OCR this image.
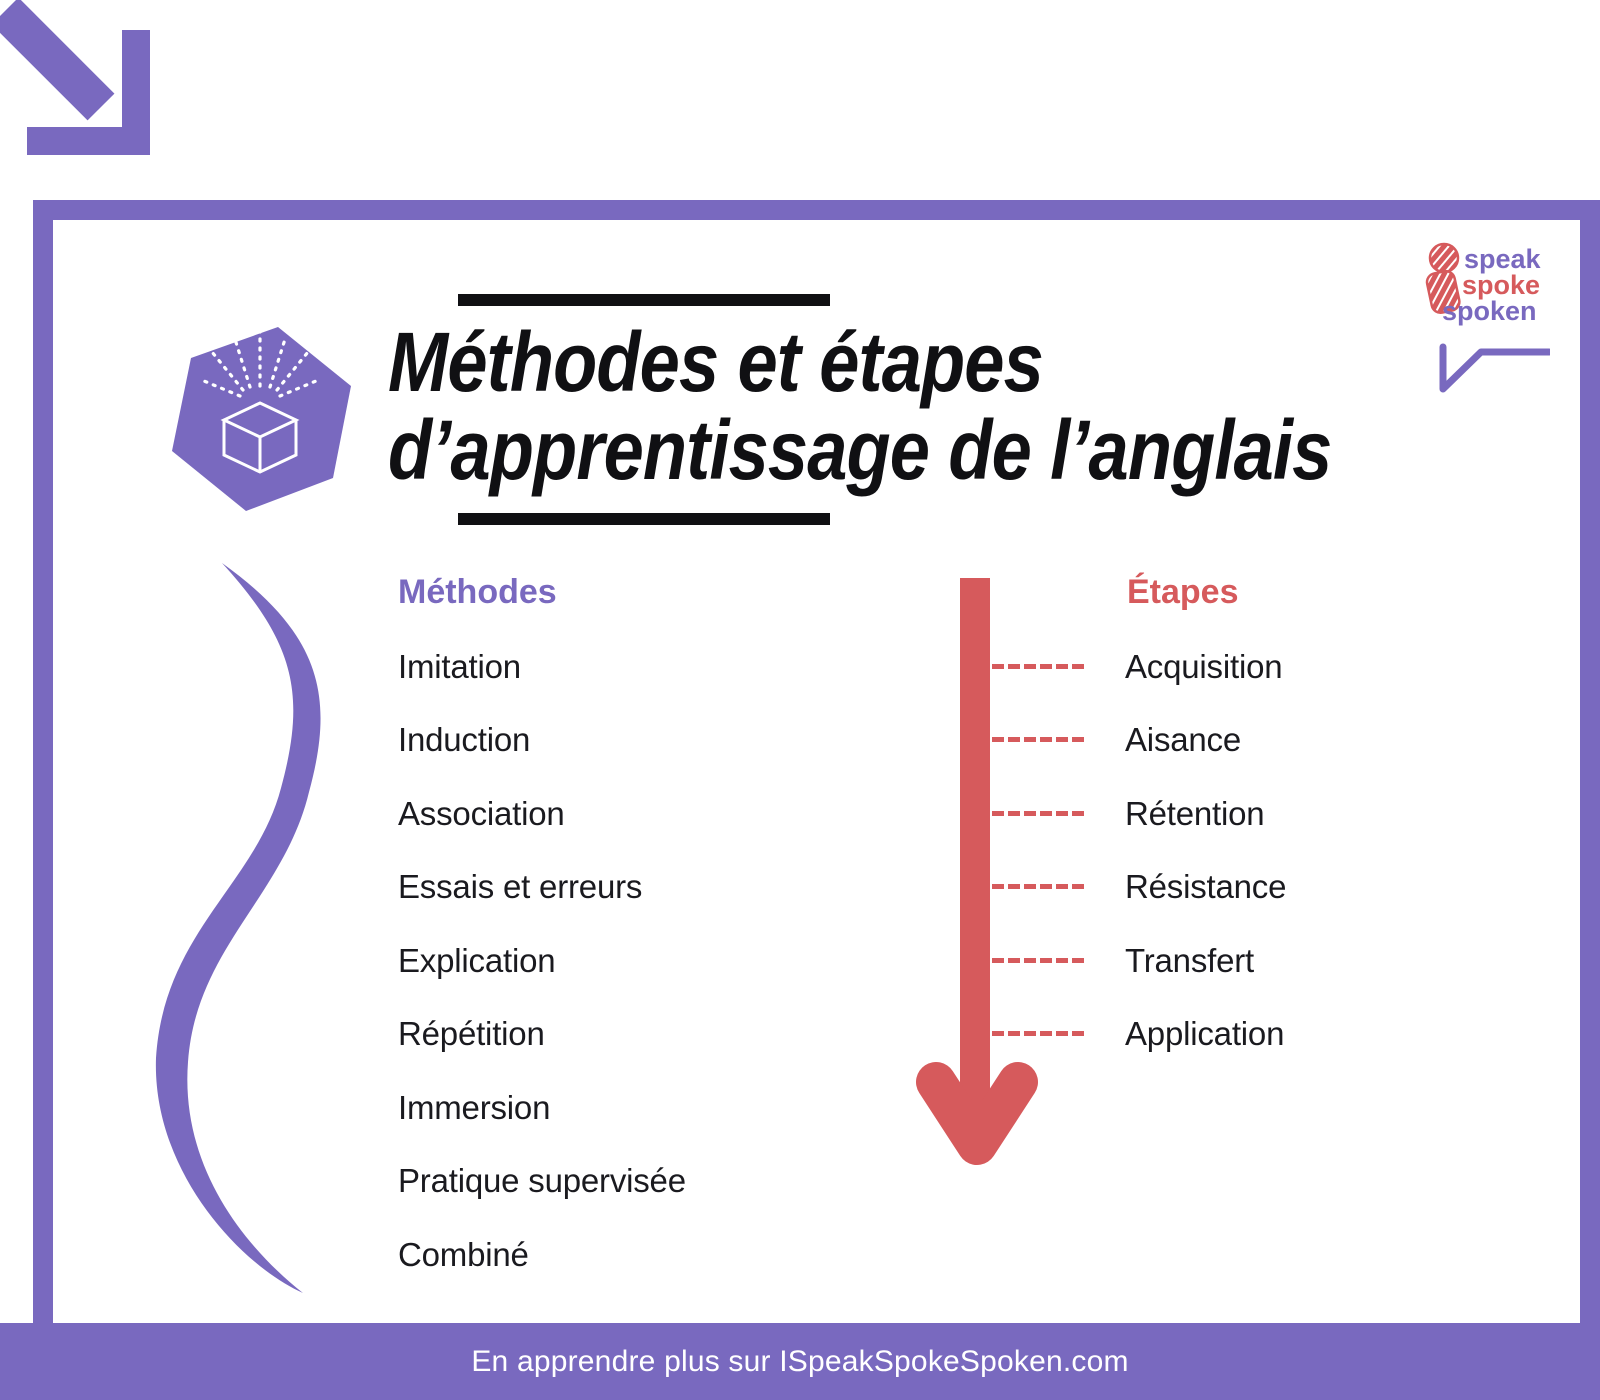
Méthodes et étapes
d’apprentissage de l’anglais
speak
spoke
spoken
Méthodes
Imitation
Induction
Association
Essais et erreurs
Explication
Répétition
Immersion
Pratique supervisée
Combiné
Étapes
Acquisition
Aisance
Rétention
Résistance
Transfert
Application
En apprendre plus sur ISpeakSpokeSpoken.com
